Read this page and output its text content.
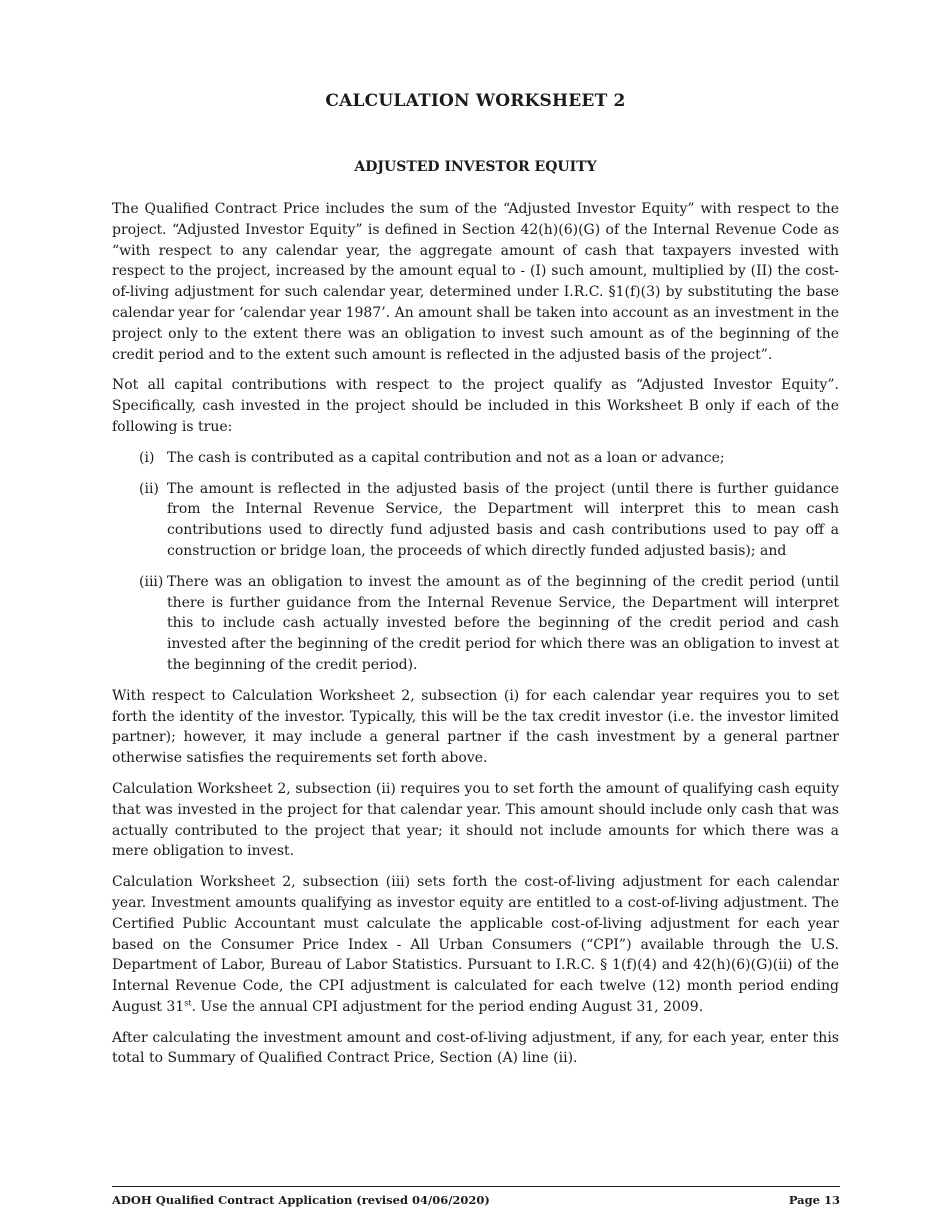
CALCULATION WORKSHEET 2
ADJUSTED INVESTOR EQUITY

The Qualified Contract Price includes the sum of the “Adjusted Investor Equity” with respect to the project. “Adjusted Investor Equity” is defined in Section 42(h)(6)(G) of the Internal Revenue Code as “with respect to any calendar year, the aggregate amount of cash that taxpayers invested with respect to the project, increased by the amount equal to - (I) such amount, multiplied by (II) the cost-of-living adjustment for such calendar year, determined under I.R.C. §1(f)(3) by substituting the base calendar year for ‘calendar year 1987’. An amount shall be taken into account as an investment in the project only to the extent there was an obligation to invest such amount as of the beginning of the credit period and to the extent such amount is reflected in the adjusted basis of the project”.

Not all capital contributions with respect to the project qualify as “Adjusted Investor Equity”. Specifically, cash invested in the project should be included in this Worksheet B only if each of the following is true:

(i) The cash is contributed as a capital contribution and not as a loan or advance;
(ii) The amount is reflected in the adjusted basis of the project (until there is further guidance from the Internal Revenue Service, the Department will interpret this to mean cash contributions used to directly fund adjusted basis and cash contributions used to pay off a construction or bridge loan, the proceeds of which directly funded adjusted basis); and
(iii) There was an obligation to invest the amount as of the beginning of the credit period (until there is further guidance from the Internal Revenue Service, the Department will interpret this to include cash actually invested before the beginning of the credit period and cash invested after the beginning of the credit period for which there was an obligation to invest at the beginning of the credit period).

With respect to Calculation Worksheet 2, subsection (i) for each calendar year requires you to set forth the identity of the investor. Typically, this will be the tax credit investor (i.e. the investor limited partner); however, it may include a general partner if the cash investment by a general partner otherwise satisfies the requirements set forth above.

Calculation Worksheet 2, subsection (ii) requires you to set forth the amount of qualifying cash equity that was invested in the project for that calendar year. This amount should include only cash that was actually contributed to the project that year; it should not include amounts for which there was a mere obligation to invest.

Calculation Worksheet 2, subsection (iii) sets forth the cost-of-living adjustment for each calendar year. Investment amounts qualifying as investor equity are entitled to a cost-of-living adjustment. The Certified Public Accountant must calculate the applicable cost-of-living adjustment for each year based on the Consumer Price Index - All Urban Consumers (“CPI”) available through the U.S. Department of Labor, Bureau of Labor Statistics. Pursuant to I.R.C. § 1(f)(4) and 42(h)(6)(G)(ii) of the Internal Revenue Code, the CPI adjustment is calculated for each twelve (12) month period ending August 31st. Use the annual CPI adjustment for the period ending August 31, 2009.

After calculating the investment amount and cost-of-living adjustment, if any, for each year, enter this total to Summary of Qualified Contract Price, Section (A) line (ii).

ADOH Qualified Contract Application (revised 04/06/2020)	Page 13
